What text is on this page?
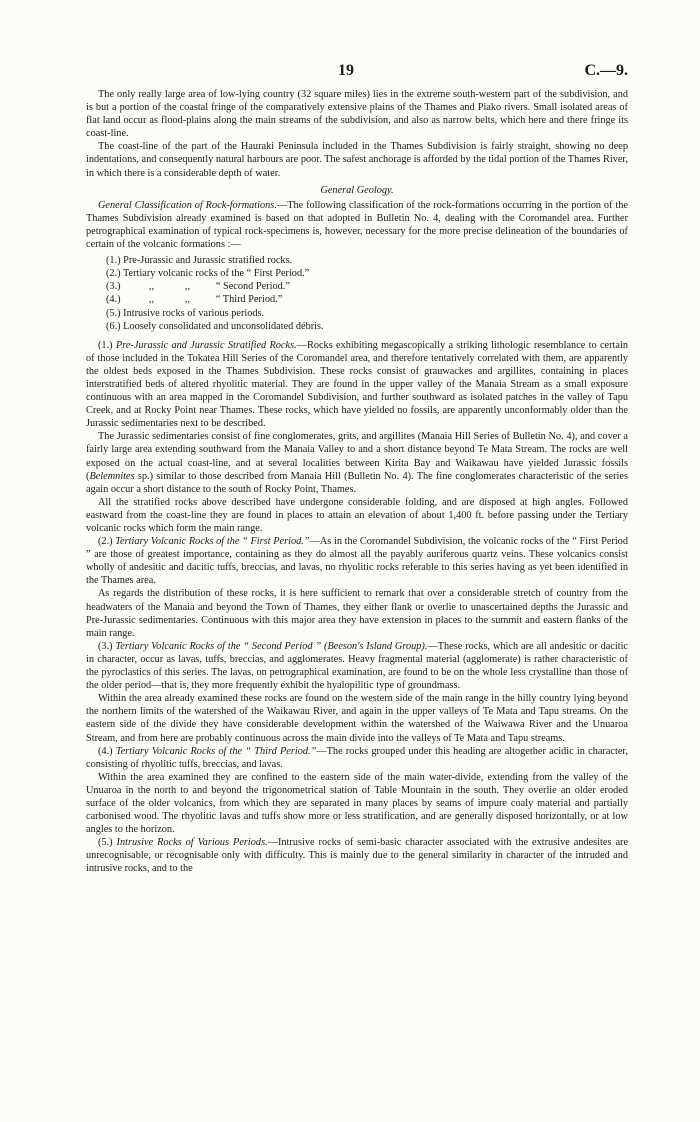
19	C.—9.

The only really large area of low-lying country (32 square miles) lies in the extreme south-western part of the subdivision, and is but a portion of the coastal fringe of the comparatively extensive plains of the Thames and Piako rivers. Small isolated areas of flat land occur as flood-plains along the main streams of the subdivision, and also as narrow belts, which here and there fringe its coast-line.

The coast-line of the part of the Hauraki Peninsula included in the Thames Subdivision is fairly straight, showing no deep indentations, and consequently natural harbours are poor. The safest anchorage is afforded by the tidal portion of the Thames River, in which there is a considerable depth of water.

General Geology.

General Classification of Rock-formations.—The following classification of the rock-formations occurring in the portion of the Thames Subdivision already examined is based on that adopted in Bulletin No. 4, dealing with the Coromandel area. Further petrographical examination of typical rock-specimens is, however, necessary for the more precise delineation of the boundaries of certain of the volcanic formations :—

(1.) Pre-Jurassic and Jurassic stratified rocks.
(2.) Tertiary volcanic rocks of the “ First Period.”
(3.)           ,,            ,,          “ Second Period.”
(4.)           ,,            ,,          “ Third Period.”
(5.) Intrusive rocks of various periods.
(6.) Loosely consolidated and unconsolidated débris.

(1.) Pre-Jurassic and Jurassic Stratified Rocks.—Rocks exhibiting megascopically a striking lithologic resemblance to certain of those included in the Tokatea Hill Series of the Coromandel area, and therefore tentatively correlated with them, are apparently the oldest beds exposed in the Thames Subdivision. These rocks consist of grauwackes and argillites, containing in places interstratified beds of altered rhyolitic material. They are found in the upper valley of the Manaia Stream as a small exposure continuous with an area mapped in the Coromandel Subdivision, and further southward as isolated patches in the valley of Tapu Creek, and at Rocky Point near Thames. These rocks, which have yielded no fossils, are apparently unconformably older than the Jurassic sedimentaries next to be described.

The Jurassic sedimentaries consist of fine conglomerates, grits, and argillites (Manaia Hill Series of Bulletin No. 4), and cover a fairly large area extending southward from the Manaia Valley to and a short distance beyond Te Mata Stream. The rocks are well exposed on the actual coast-line, and at several localities between Kirita Bay and Waikawau have yielded Jurassic fossils (Belemnites sp.) similar to those described from Manaia Hill (Bulletin No. 4). The fine conglomerates characteristic of the series again occur a short distance to the south of Rocky Point, Thames.

All the stratified rocks above described have undergone considerable folding, and are disposed at high angles. Followed eastward from the coast-line they are found in places to attain an elevation of about 1,400 ft. before passing under the Tertiary volcanic rocks which form the main range.

(2.) Tertiary Volcanic Rocks of the “ First Period.”—As in the Coromandel Subdivision, the volcanic rocks of the “ First Period ” are those of greatest importance, containing as they do almost all the payably auriferous quartz veins. These volcanics consist wholly of andesitic and dacitic tuffs, breccias, and lavas, no rhyolitic rocks referable to this series having as yet been identified in the Thames area.

As regards the distribution of these rocks, it is here sufficient to remark that over a considerable stretch of country from the headwaters of the Manaia and beyond the Town of Thames, they either flank or overlie to unascertained depths the Jurassic and Pre-Jurassic sedimentaries. Continuous with this major area they have extension in places to the summit and eastern flanks of the main range.

(3.) Tertiary Volcanic Rocks of the “ Second Period ” (Beeson's Island Group).—These rocks, which are all andesitic or dacitic in character, occur as lavas, tuffs, breccias, and agglomerates. Heavy fragmental material (agglomerate) is rather characteristic of the pyroclastics of this series. The lavas, on petrographical examination, are found to be on the whole less crystalline than those of the older period—that is, they more frequently exhibit the hyalopilitic type of groundmass.

Within the area already examined these rocks are found on the western side of the main range in the hilly country lying beyond the northern limits of the watershed of the Waikawau River, and again in the upper valleys of Te Mata and Tapu streams. On the eastern side of the divide they have considerable development within the watershed of the Waiwawa River and the Unuaroa Stream, and from here are probably continuous across the main divide into the valleys of Te Mata and Tapu streams.

(4.) Tertiary Volcanic Rocks of the “ Third Period.”—The rocks grouped under this heading are altogether acidic in character, consisting of rhyolitic tuffs, breccias, and lavas.

Within the area examined they are confined to the eastern side of the main water-divide, extending from the valley of the Unuaroa in the north to and beyond the trigonometrical station of Table Mountain in the south. They overlie an older eroded surface of the older volcanics, from which they are separated in many places by seams of impure coaly material and partially carbonised wood. The rhyolitic lavas and tuffs show more or less stratification, and are generally disposed horizontally, or at low angles to the horizon.

(5.) Intrusive Rocks of Various Periods.—Intrusive rocks of semi-basic character associated with the extrusive andesites are unrecognisable, or recognisable only with difficulty. This is mainly due to the general similarity in character of the intruded and intrusive rocks, and to the
